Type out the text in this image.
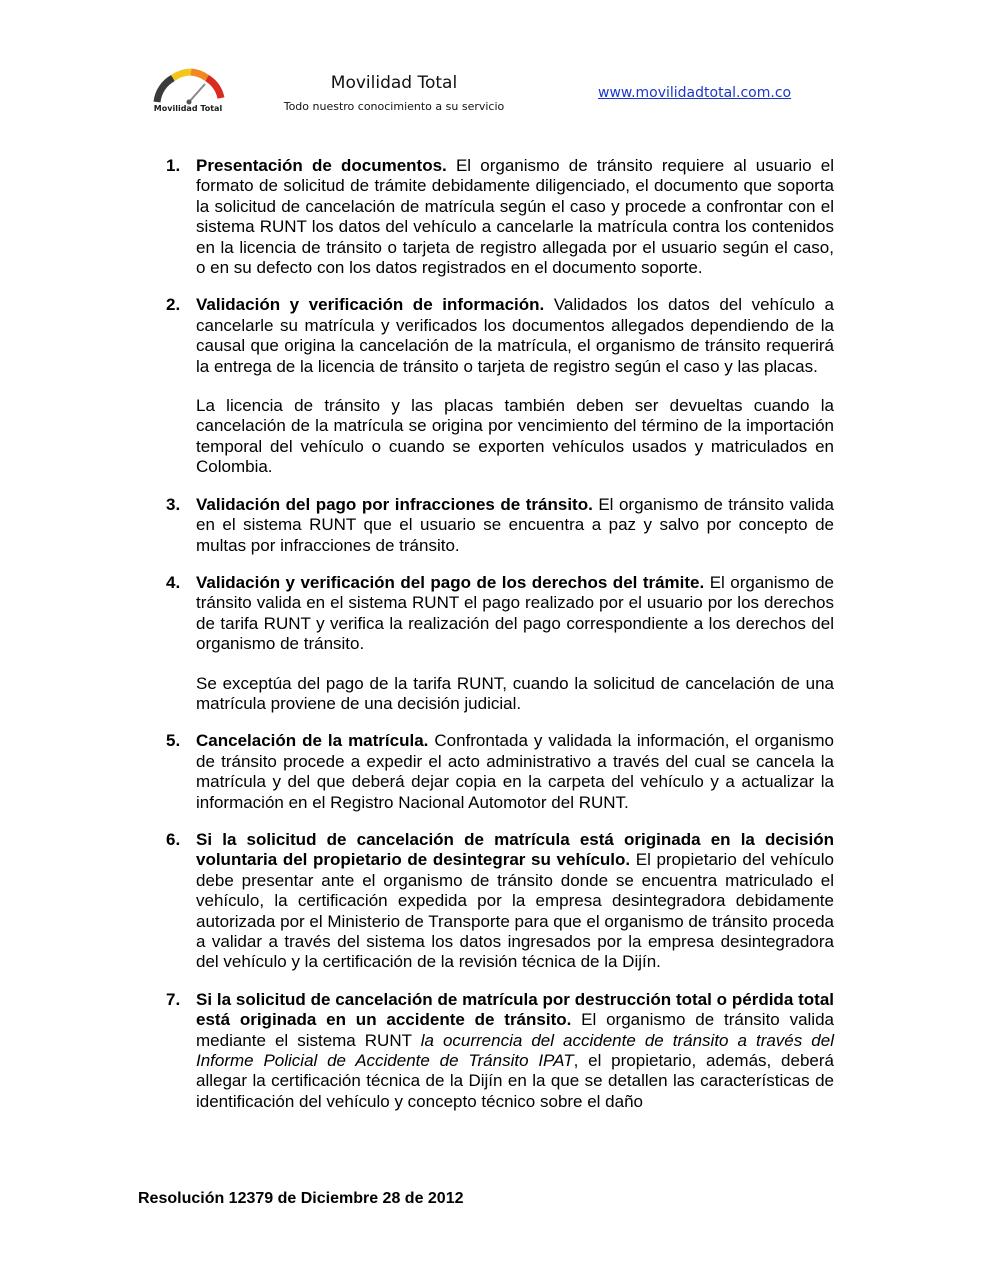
Movilidad Total
Movilidad Total
Todo nuestro conocimiento a su servicio
www.movilidadtotal.com.co
1. Presentación de documentos. El organismo de tránsito requiere al usuario el formato de solicitud de trámite debidamente diligenciado, el documento que soporta la solicitud de cancelación de matrícula según el caso y procede a confrontar con el sistema RUNT los datos del vehículo a cancelarle la matrícula contra los contenidos en la licencia de tránsito o tarjeta de registro allegada por el usuario según el caso, o en su defecto con los datos registrados en el documento soporte.

2. Validación y verificación de información. Validados los datos del vehículo a cancelarle su matrícula y verificados los documentos allegados dependiendo de la causal que origina la cancelación de la matrícula, el organismo de tránsito requerirá la entrega de la licencia de tránsito o tarjeta de registro según el caso y las placas.

La licencia de tránsito y las placas también deben ser devueltas cuando la cancelación de la matrícula se origina por vencimiento del término de la importación temporal del vehículo o cuando se exporten vehículos usados y matriculados en Colombia.

3. Validación del pago por infracciones de tránsito. El organismo de tránsito valida en el sistema RUNT que el usuario se encuentra a paz y salvo por concepto de multas por infracciones de tránsito.

4. Validación y verificación del pago de los derechos del trámite. El organismo de tránsito valida en el sistema RUNT el pago realizado por el usuario por los derechos de tarifa RUNT y verifica la realización del pago correspondiente a los derechos del organismo de tránsito.

Se exceptúa del pago de la tarifa RUNT, cuando la solicitud de cancelación de una matrícula proviene de una decisión judicial.

5. Cancelación de la matrícula. Confrontada y validada la información, el organismo de tránsito procede a expedir el acto administrativo a través del cual se cancela la matrícula y del que deberá dejar copia en la carpeta del vehículo y a actualizar la información en el Registro Nacional Automotor del RUNT.

6. Si la solicitud de cancelación de matrícula está originada en la decisión voluntaria del propietario de desintegrar su vehículo. El propietario del vehículo debe presentar ante el organismo de tránsito donde se encuentra matriculado el vehículo, la certificación expedida por la empresa desintegradora debidamente autorizada por el Ministerio de Transporte para que el organismo de tránsito proceda a validar a través del sistema los datos ingresados por la empresa desintegradora del vehículo y la certificación de la revisión técnica de la Dijín.

7. Si la solicitud de cancelación de matrícula por destrucción total o pérdida total está originada en un accidente de tránsito. El organismo de tránsito valida mediante el sistema RUNT la ocurrencia del accidente de tránsito a través del Informe Policial de Accidente de Tránsito IPAT, el propietario, además, deberá allegar la certificación técnica de la Dijín en la que se detallen las características de identificación del vehículo y concepto técnico sobre el daño

Resolución 12379 de Diciembre 28 de 2012
